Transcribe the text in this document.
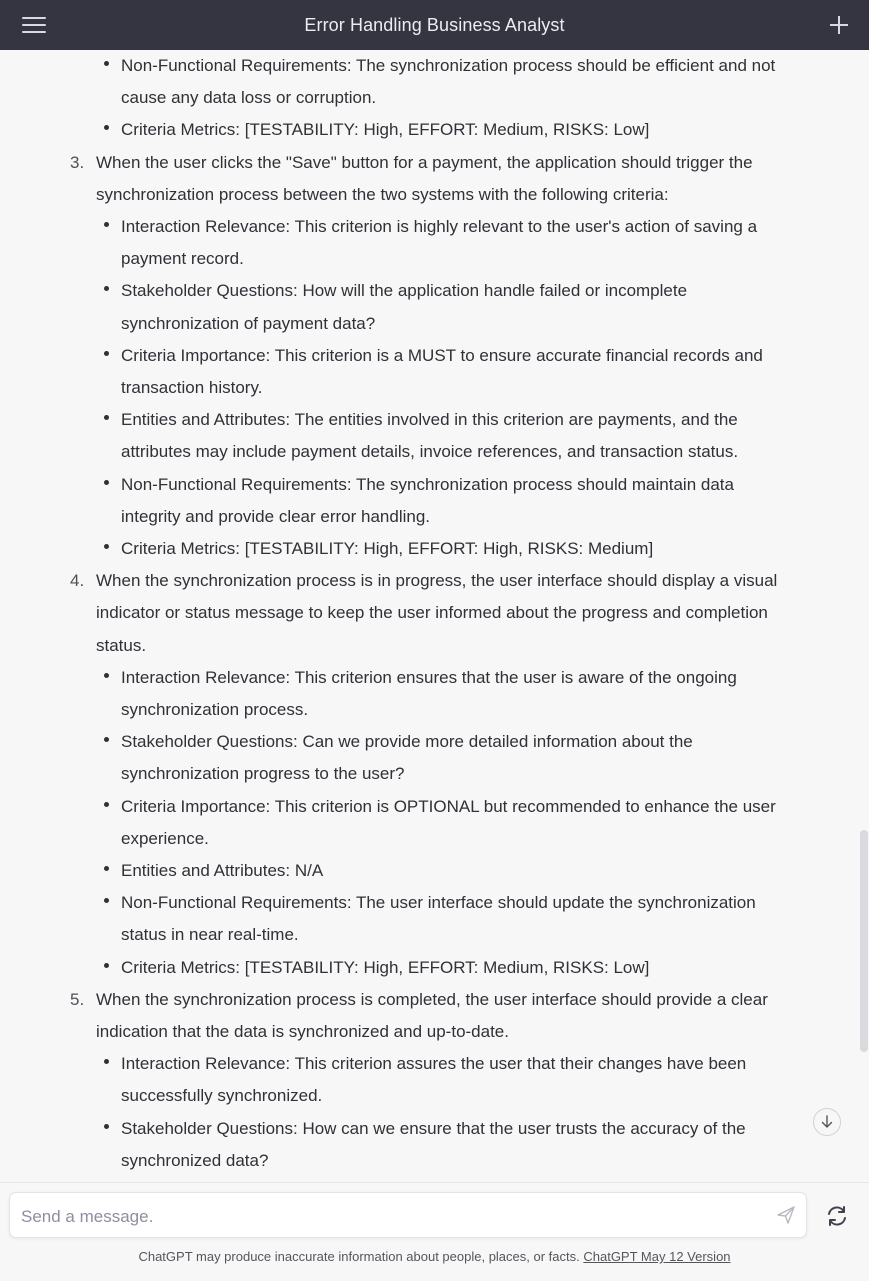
Error Handling Business Analyst
Non-Functional Requirements: The synchronization process should be efficient and not
cause any data loss or corruption.
Criteria Metrics: [TESTABILITY: High, EFFORT: Medium, RISKS: Low]
3. When the user clicks the "Save" button for a payment, the application should trigger the
synchronization process between the two systems with the following criteria:
Interaction Relevance: This criterion is highly relevant to the user's action of saving a
payment record.
Stakeholder Questions: How will the application handle failed or incomplete
synchronization of payment data?
Criteria Importance: This criterion is a MUST to ensure accurate financial records and
transaction history.
Entities and Attributes: The entities involved in this criterion are payments, and the
attributes may include payment details, invoice references, and transaction status.
Non-Functional Requirements: The synchronization process should maintain data
integrity and provide clear error handling.
Criteria Metrics: [TESTABILITY: High, EFFORT: High, RISKS: Medium]
4. When the synchronization process is in progress, the user interface should display a visual
indicator or status message to keep the user informed about the progress and completion
status.
Interaction Relevance: This criterion ensures that the user is aware of the ongoing
synchronization process.
Stakeholder Questions: Can we provide more detailed information about the
synchronization progress to the user?
Criteria Importance: This criterion is OPTIONAL but recommended to enhance the user
experience.
Entities and Attributes: N/A
Non-Functional Requirements: The user interface should update the synchronization
status in near real-time.
Criteria Metrics: [TESTABILITY: High, EFFORT: Medium, RISKS: Low]
5. When the synchronization process is completed, the user interface should provide a clear
indication that the data is synchronized and up-to-date.
Interaction Relevance: This criterion assures the user that their changes have been
successfully synchronized.
Stakeholder Questions: How can we ensure that the user trusts the accuracy of the
synchronized data?
Send a message.
ChatGPT may produce inaccurate information about people, places, or facts. ChatGPT May 12 Version
